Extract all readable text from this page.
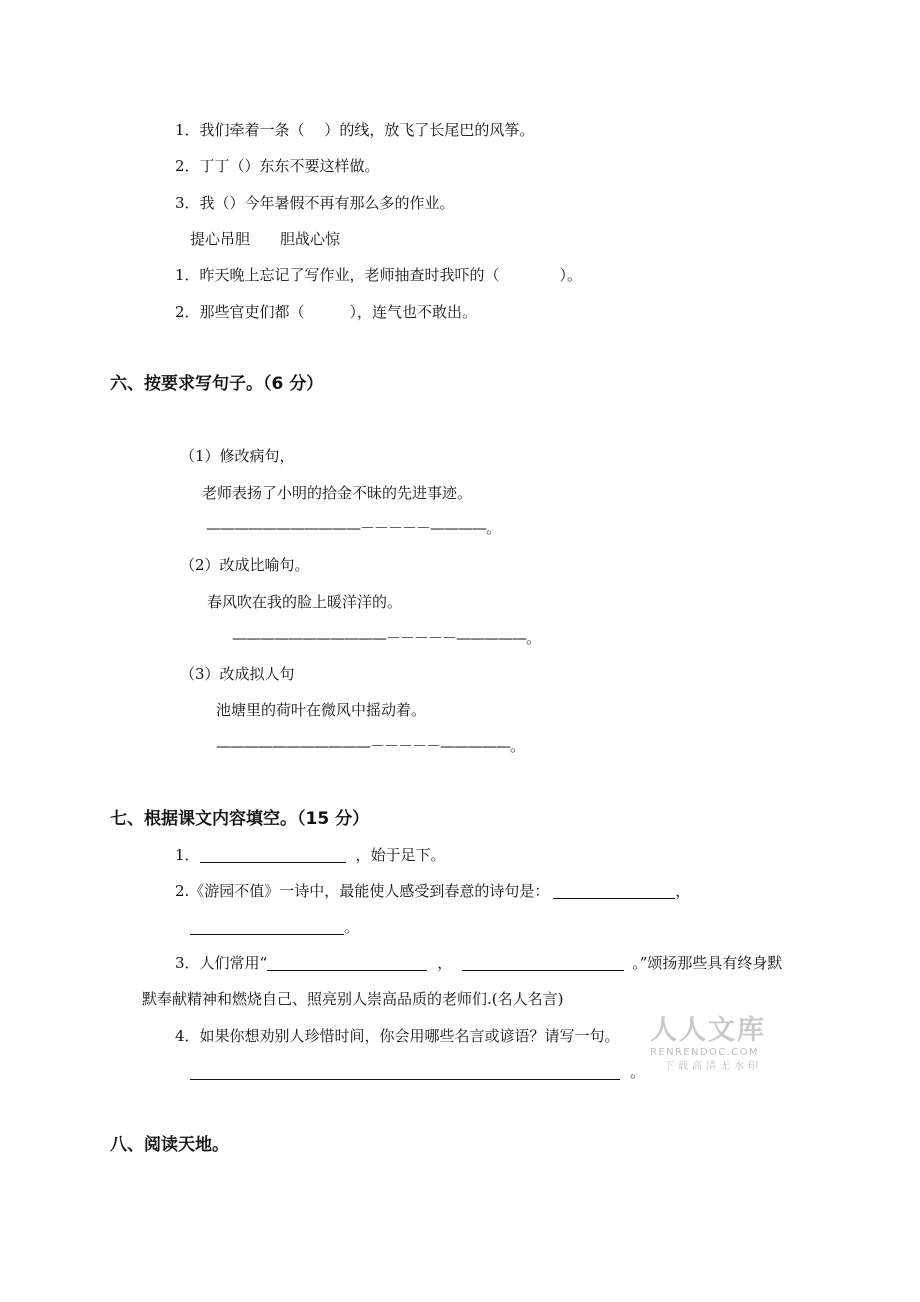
1．我们牵着一条（　 ）的线，放飞了长尾巴的风筝。
2．丁丁（）东东不要这样做。
3．我（）今年暑假不再有那么多的作业。
提心吊胆　　胆战心惊
1．昨天晚上忘记了写作业，老师抽查时我吓的（　　　　）。
2．那些官吏们都（　　　），连气也不敢出。
六、按要求写句子。（6 分）
（1）修改病句，
老师表扬了小明的拾金不昧的先进事迹。
———————————－－－－－————。
（2）改成比喻句。
春风吹在我的脸上暖洋洋的。
———————————－－－－－—————。
（3）改成拟人句
池塘里的荷叶在微风中摇动着。
———————————－－－－－—————。
七、根据课文内容填空。（15 分）
1．	，始于足下。
2.《游园不值》一诗中，最能使人感受到春意的诗句是：	，
。
3．人们常用“	，	。”颂扬那些具有终身默
默奉献精神和燃烧自己、照亮别人崇高品质的老师们.(名人名言)
4．如果你想劝别人珍惜时间，你会用哪些名言或谚语？请写一句。
。
八、阅读天地。
人人文库
RENRENDOC.COM
下载高清无水印
